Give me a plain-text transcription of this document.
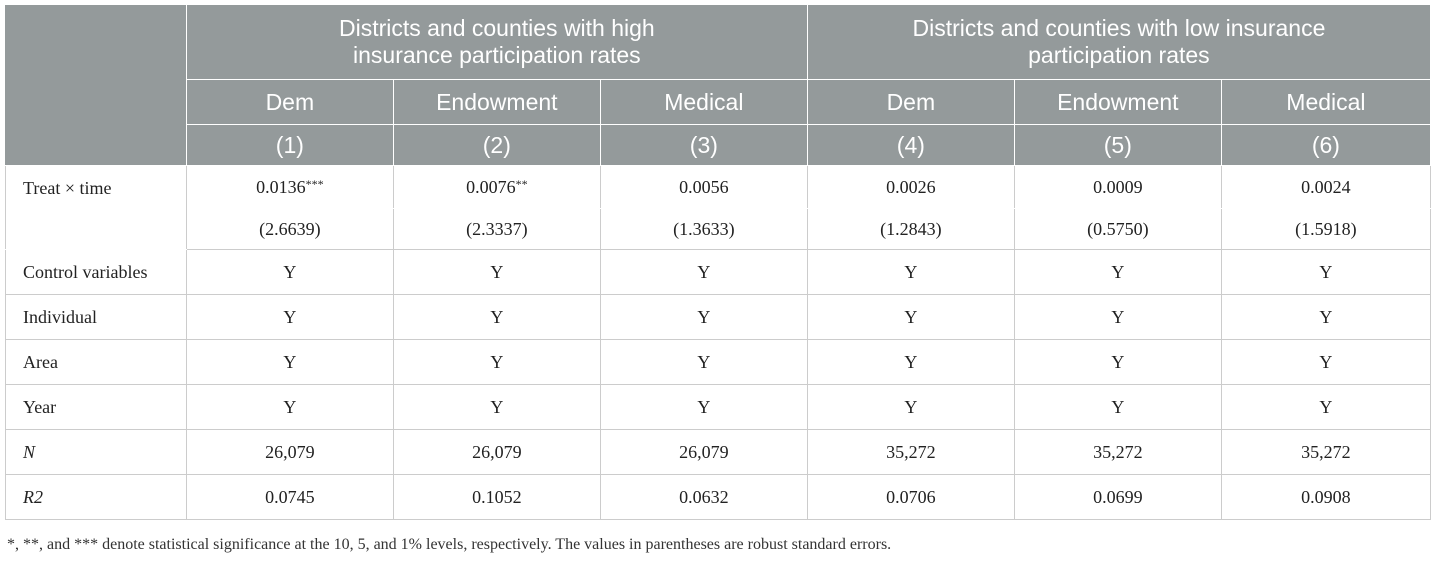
	Districts and counties with high insurance participation rates			Districts and counties with low insurance participation rates		
	Dem	Endowment	Medical	Dem	Endowment	Medical
	(1)	(2)	(3)	(4)	(5)	(6)
Treat × time	0.0136***	0.0076**	0.0056	0.0026	0.0009	0.0024
	(2.6639)	(2.3337)	(1.3633)	(1.2843)	(0.5750)	(1.5918)
Control variables	Y	Y	Y	Y	Y	Y
Individual	Y	Y	Y	Y	Y	Y
Area	Y	Y	Y	Y	Y	Y
Year	Y	Y	Y	Y	Y	Y
N	26,079	26,079	26,079	35,272	35,272	35,272
R2	0.0745	0.1052	0.0632	0.0706	0.0699	0.0908
*, **, and *** denote statistical significance at the 10, 5, and 1% levels, respectively. The values in parentheses are robust standard errors.
